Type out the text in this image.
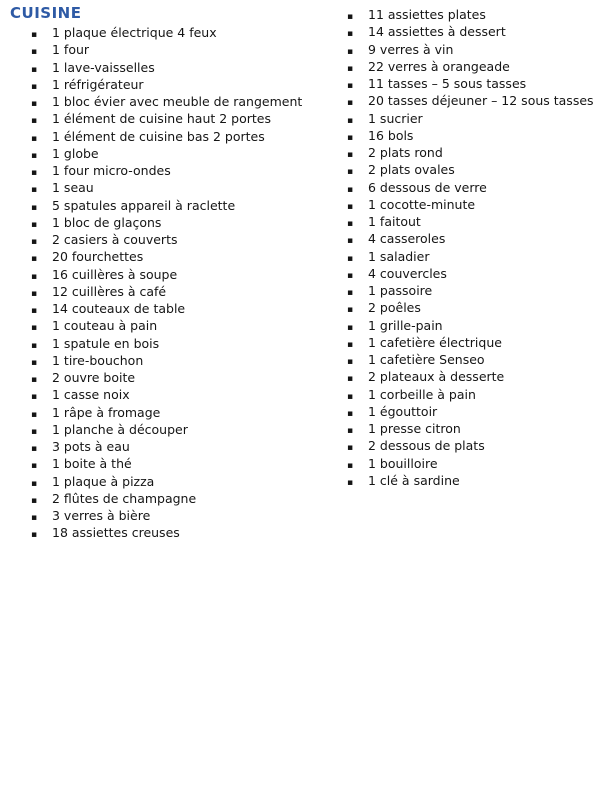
CUISINE
▪	1 plaque électrique 4 feux
▪	1 four
▪	1 lave-vaisselles
▪	1 réfrigérateur
▪	1 bloc évier avec meuble de rangement
▪	1 élément de cuisine haut 2 portes
▪	1 élément de cuisine bas 2 portes
▪	1 globe
▪	1 four micro-ondes
▪	1 seau
▪	5 spatules appareil à raclette
▪	1 bloc de glaçons
▪	2 casiers à couverts
▪	20 fourchettes
▪	16 cuillères à soupe
▪	12 cuillères à café
▪	14 couteaux de table
▪	1 couteau à pain
▪	1 spatule en bois
▪	1 tire-bouchon
▪	2 ouvre boite
▪	1 casse noix
▪	1 râpe à fromage
▪	1 planche à découper
▪	3 pots à eau
▪	1 boite à thé
▪	1 plaque à pizza
▪	2 flûtes de champagne
▪	3 verres à bière
▪	18 assiettes creuses
▪	11 assiettes plates
▪	14 assiettes à dessert
▪	9 verres à vin
▪	22 verres à orangeade
▪	11 tasses – 5 sous tasses
▪	20 tasses déjeuner – 12 sous tasses
▪	1 sucrier
▪	16 bols
▪	2 plats rond
▪	2 plats ovales
▪	6 dessous de verre
▪	1 cocotte-minute
▪	1 faitout
▪	4 casseroles
▪	1 saladier
▪	4 couvercles
▪	1 passoire
▪	2 poêles
▪	1 grille-pain
▪	1 cafetière électrique
▪	1 cafetière Senseo
▪	2 plateaux à desserte
▪	1 corbeille à pain
▪	1 égouttoir
▪	1 presse citron
▪	2 dessous de plats
▪	1 bouilloire
▪	1 clé à sardine
